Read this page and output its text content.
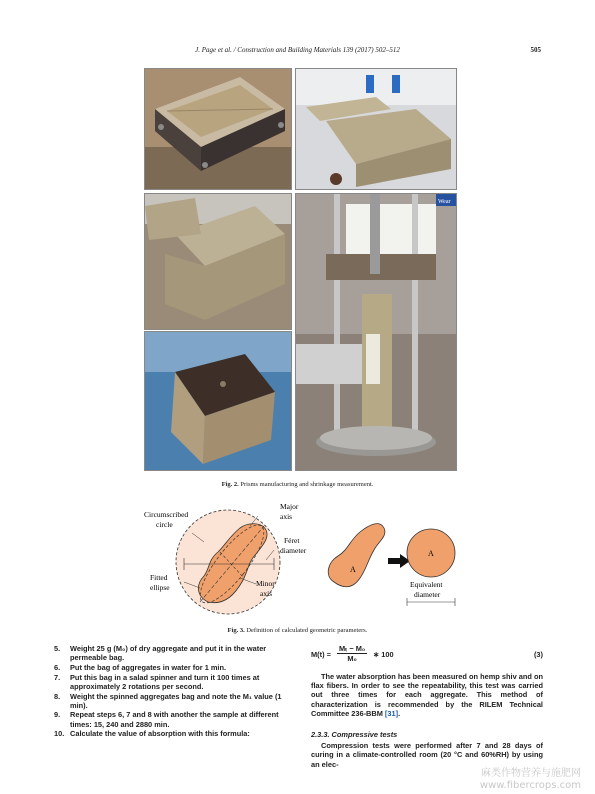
J. Page et al. / Construction and Building Materials 139 (2017) 502–512	505
Wear
Fig. 2. Prisms manufacturing and shrinkage measurement.
Circumscribed
circle
Major
axis
Féret
diameter
Fitted
ellipse	Minor
axis
A
A
Equivalent
diameter
Fig. 3. Definition of calculated geometric parameters.
5. Weight 25 g (M₀) of dry aggregate and put it in the water permeable bag.
6. Put the bag of aggregates in water for 1 min.
7. Put this bag in a salad spinner and turn it 100 times at approximately 2 rotations per second.
8. Weight the spinned aggregates bag and note the M₁ value (1 min).
9. Repeat steps 6, 7 and 8 with another the sample at different times: 15, 240 and 2880 min.
10. Calculate the value of absorption with this formula:
$M(t) = \frac{\text{Mₜ − M₀}}{\text{M₀}}$ ∗ 100	(3)
The water absorption has been measured on hemp shiv and on flax fibers. In order to see the repeatability, this test was carried out three times for each aggregate. This method of characterization is recommended by the RILEM Technical Committee 236-BBM [31].
2.3.3. Compressive tests
Compression tests were performed after 7 and 28 days of curing in a climate-controlled room (20 °C and 60%RH) by using an elec-
麻类作物营养与施肥网
www.fibercrops.com
